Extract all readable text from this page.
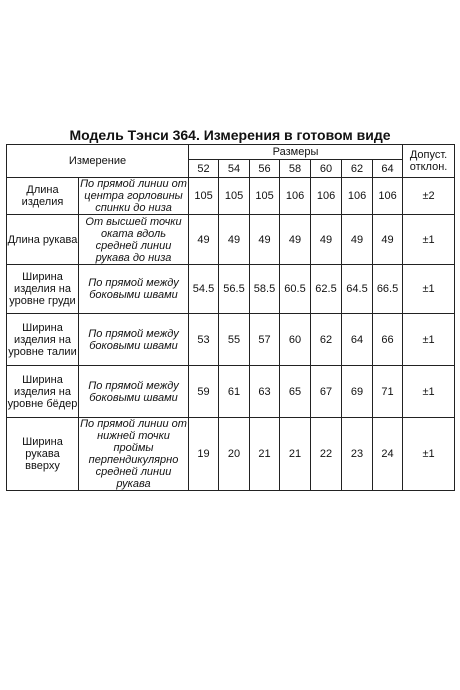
Модель Тэнси 364. Измерения в готовом виде
Измерение		Размеры							Допуст. отклон.
		52	54	56	58	60	62	64	
Длина изделия	По прямой линии от центра горловины спинки до низа	105	105	105	106	106	106	106	±2
Длина рукава	От высшей точки оката вдоль средней линии рукава до низа	49	49	49	49	49	49	49	±1
Ширина изделия на уровне груди	По прямой между боковыми швами	54.5	56.5	58.5	60.5	62.5	64.5	66.5	±1
Ширина изделия на уровне талии	По прямой между боковыми швами	53	55	57	60	62	64	66	±1
Ширина изделия на уровне бёдер	По прямой между боковыми швами	59	61	63	65	67	69	71	±1
Ширина рукава вверху	По прямой линии от нижней точки проймы перпендикулярно средней линии рукава	19	20	21	21	22	23	24	±1
